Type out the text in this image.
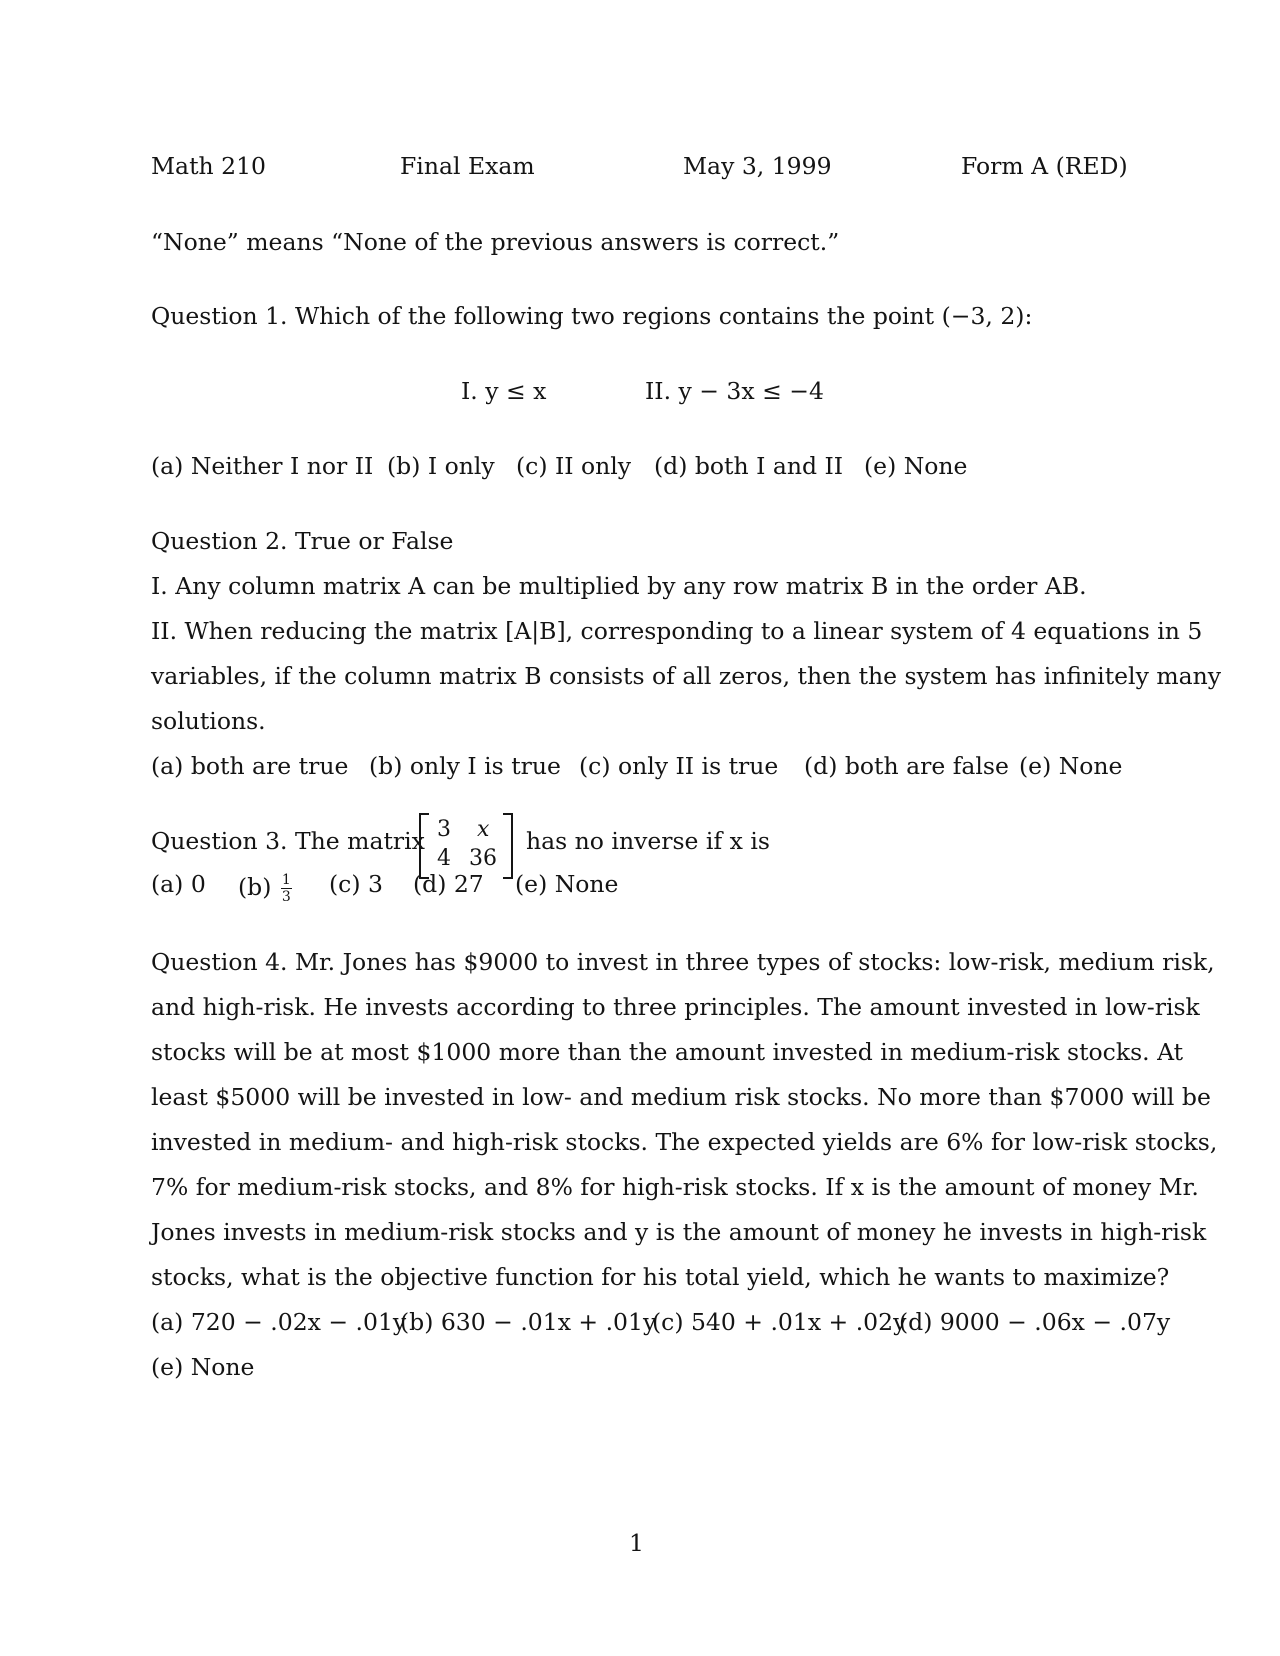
Math 210	Final Exam	May 3, 1999	Form A (RED)
“None” means “None of the previous answers is correct.”
Question 1. Which of the following two regions contains the point (−3, 2):
I. y ≤ x	II. y − 3x ≤ −4
(a) Neither I nor II (b) I only (c) II only (d) both I and II (e) None
Question 2. True or False
I. Any column matrix A can be multiplied by any row matrix B in the order AB.
II. When reducing the matrix [A|B], corresponding to a linear system of 4 equations in 5
variables, if the column matrix B consists of all zeros, then the system has infinitely many
solutions.
(a) both are true (b) only I is true (c) only II is true (d) both are false (e) None
Question 3. The matrix 3 x
4 36
has no inverse if x is
(a) 0 $(b) \frac{1}{3} (c)$ 3 (d) 27 (e) None
Question 4. Mr. Jones has $9000 to invest in three types of stocks: low-risk, medium risk,
and high-risk. He invests according to three principles. The amount invested in low-risk
stocks will be at most $1000 more than the amount invested in medium-risk stocks. At
least $5000 will be invested in low- and medium risk stocks. No more than $7000 will be
invested in medium- and high-risk stocks. The expected yields are 6% for low-risk stocks,
7% for medium-risk stocks, and 8% for high-risk stocks. If x is the amount of money Mr.
Jones invests in medium-risk stocks and y is the amount of money he invests in high-risk
stocks, what is the objective function for his total yield, which he wants to maximize?
(a) 720 − .02x − .01y
(b) 630 − .01x + .01y
(c) 540 + .01x + .02y
(d) 9000 − .06x − .07y
(e) None
1
